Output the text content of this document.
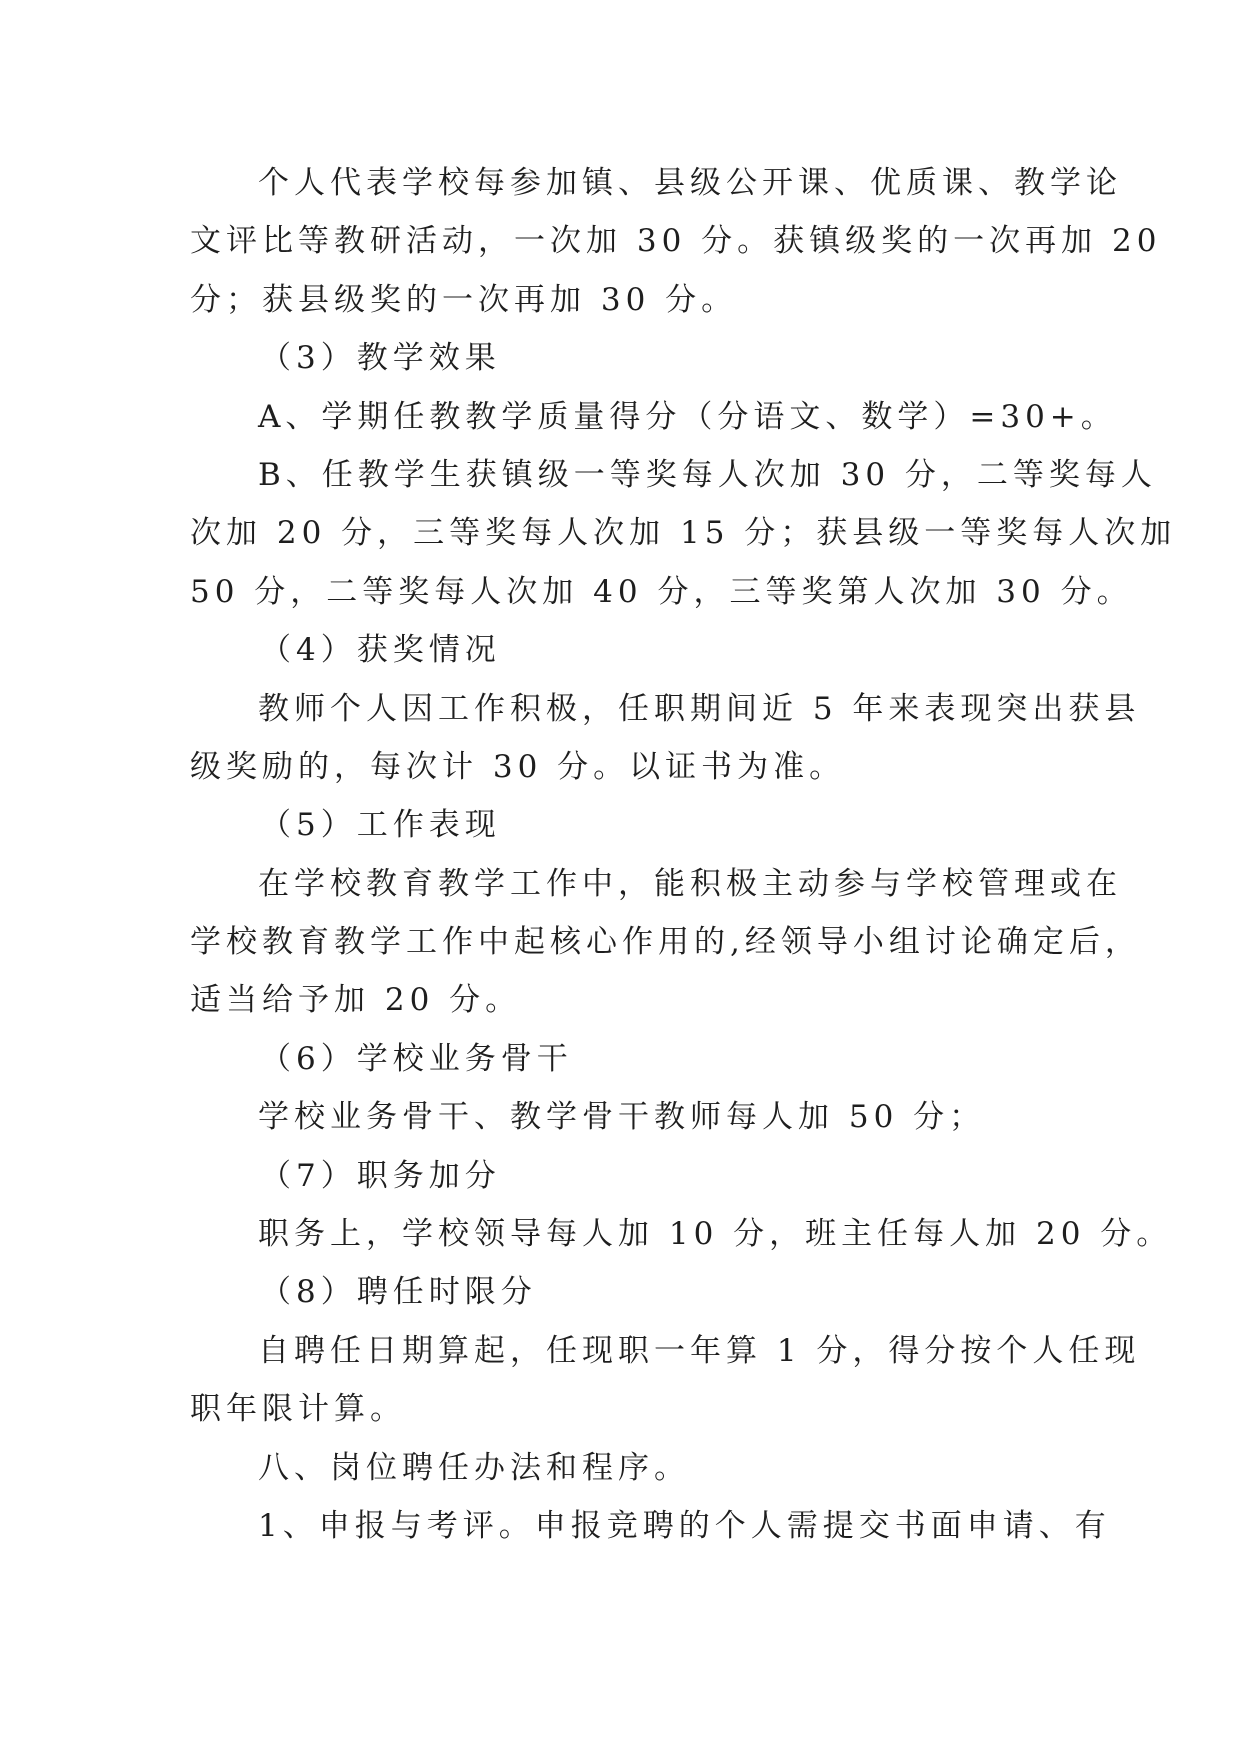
个人代表学校每参加镇、县级公开课、优质课、教学论
文评比等教研活动，一次加 30 分。获镇级奖的一次再加 20
分；获县级奖的一次再加 30 分。
（3）教学效果
A、学期任教教学质量得分（分语文、数学）=30+。
B、任教学生获镇级一等奖每人次加 30 分，二等奖每人
次加 20 分，三等奖每人次加 15 分；获县级一等奖每人次加
50 分，二等奖每人次加 40 分，三等奖第人次加 30 分。
（4）获奖情况
教师个人因工作积极，任职期间近 5 年来表现突出获县
级奖励的，每次计 30 分。以证书为准。
（5）工作表现
在学校教育教学工作中，能积极主动参与学校管理或在
学校教育教学工作中起核心作用的,经领导小组讨论确定后，
适当给予加 20 分。
（6）学校业务骨干
学校业务骨干、教学骨干教师每人加 50 分；
（7）职务加分
职务上，学校领导每人加 10 分，班主任每人加 20 分。
（8）聘任时限分
自聘任日期算起，任现职一年算 1 分，得分按个人任现
职年限计算。
八、岗位聘任办法和程序。
1、申报与考评。申报竞聘的个人需提交书面申请、有
